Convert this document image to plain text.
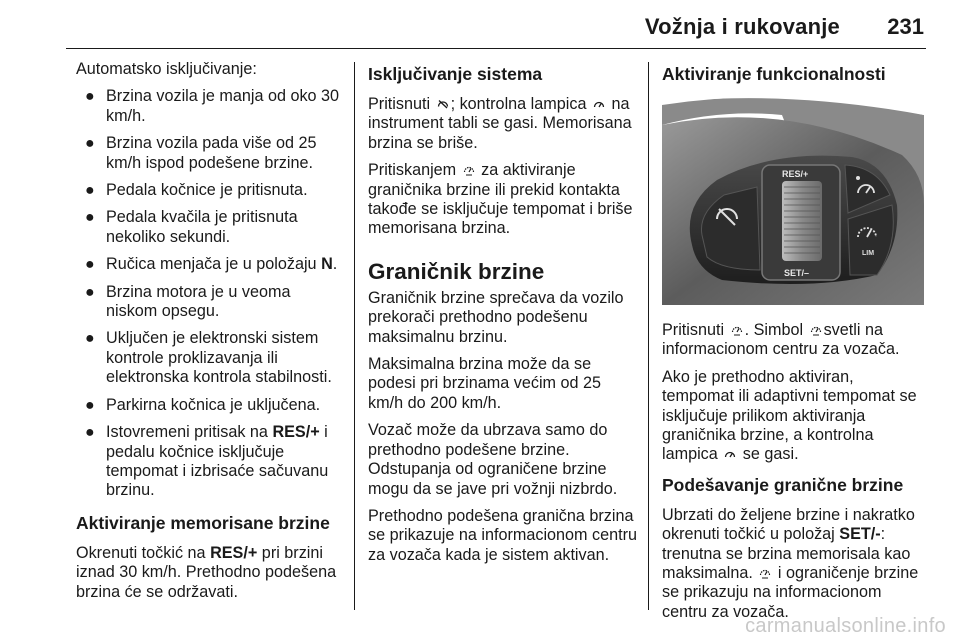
Vožnja i rukovanje 231

Automatsko isključivanje:

● Brzina vozila je manja od oko 30 km/h.
● Brzina vozila pada više od 25 km/h ispod podešene brzine.
● Pedala kočnice je pritisnuta.
● Pedala kvačila je pritisnuta nekoliko sekundi.
● Ručica menjača je u položaju N.
● Brzina motora je u veoma niskom opsegu.
● Uključen je elektronski sistem kontrole proklizavanja ili elektronska kontrola stabilnosti.
● Parkirna kočnica je uključena.
● Istovremeni pritisak na RES/+ i pedalu kočnice isključuje tempomat i izbrisaće sačuvanu brzinu.
Aktiviranje memorisane brzine

Okrenuti točkić na RES/+ pri brzini iznad 30 km/h. Prethodno podešena brzina će se održavati.

Isključivanje sistema

Pritisnuti ; kontrolna lampica  na instrument tabli se gasi. Memorisana brzina se briše.

Pritiskanjem  za aktiviranje graničnika brzine ili prekid kontakta takođe se isključuje tempomat i briše memorisana brzina.

Graničnik brzine

Graničnik brzine sprečava da vozilo prekorači prethodno podešenu maksimalnu brzinu.

Maksimalna brzina može da se podesi pri brzinama većim od 25 km/h do 200 km/h.

Vozač može da ubrzava samo do prethodno podešene brzine. Odstupanja od ograničene brzine mogu da se jave pri vožnji nizbrdo.

Prethodno podešena granična brzina se prikazuje na informacionom centru za vozača kada je sistem aktivan.

Aktiviranje funkcionalnosti
RES/+
SET/–
LIM

Pritisnuti . Simbol svetli na informacionom centru za vozača.

Ako je prethodno aktiviran, tempomat ili adaptivni tempomat se isključuje prilikom aktiviranja graničnika brzine, a kontrolna lampica  se gasi.

Podešavanje granične brzine

Ubrzati do željene brzine i nakratko okrenuti točkić u položaj SET/-: trenutna se brzina memorisala kao maksimalna.  i ograničenje brzine se prikazuju na informacionom centru za vozača.

carmanualsonline.info
